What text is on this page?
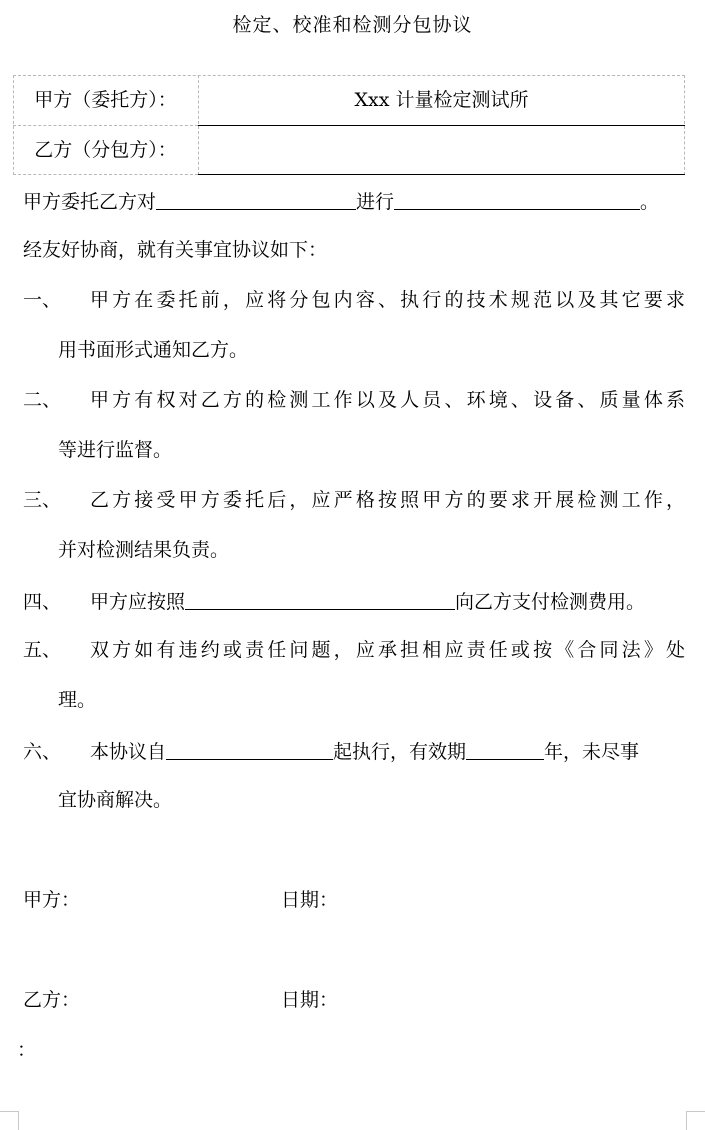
检定、校准和检测分包协议
甲方（委托方）：	Xxx 计量检定测试所
乙方（分包方）：
甲方委托乙方对	进行	。
经友好协商，就有关事宜协议如下：
一、 甲方在委托前，应将分包内容、执行的技术规范以及其它要求
用书面形式通知乙方。
二、 甲方有权对乙方的检测工作以及人员、环境、设备、质量体系
等进行监督。
三、 乙方接受甲方委托后，应严格按照甲方的要求开展检测工作，
并对检测结果负责。
四、 甲方应按照	向乙方支付检测费用。
五、 双方如有违约或责任问题，应承担相应责任或按《合同法》处
理。
六、 本协议自	起执行，有效期	年，未尽事
宜协商解决。
甲方：	日期：
乙方：	日期：
：
